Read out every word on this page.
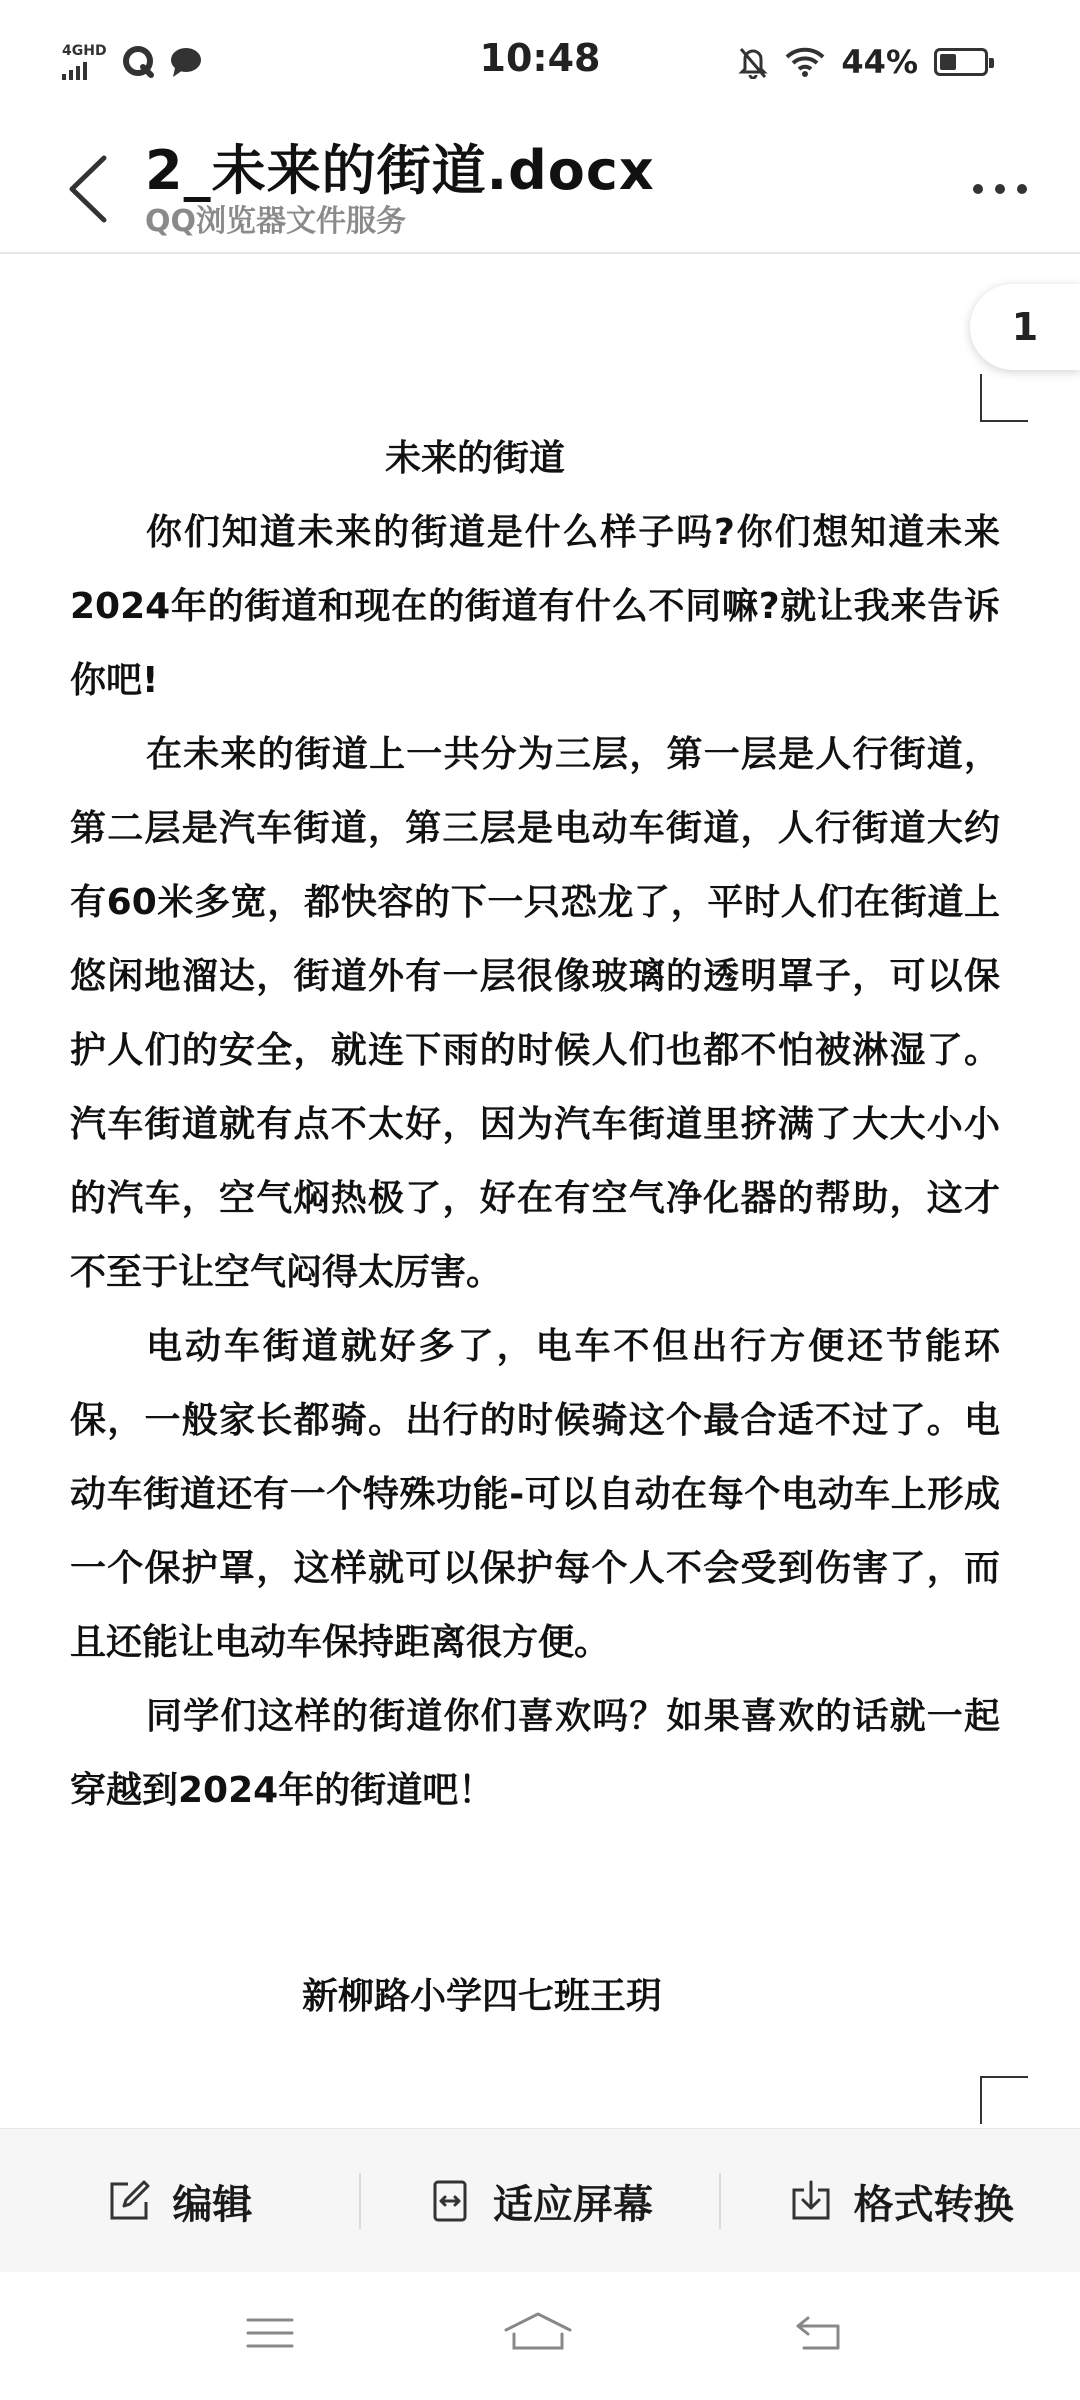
4GHD	10:48	44%
2_未来的街道.docx
QQ浏览器文件服务
1

未来的街道

你们知道未来的街道是什么样子吗?你们想知道未来2024年的街道和现在的街道有什么不同嘛?就让我来告诉你吧!

在未来的街道上一共分为三层，第一层是人行街道，第二层是汽车街道，第三层是电动车街道，人行街道大约有60米多宽，都快容的下一只恐龙了，平时人们在街道上悠闲地溜达，街道外有一层很像玻璃的透明罩子，可以保护人们的安全，就连下雨的时候人们也都不怕被淋湿了。汽车街道就有点不太好，因为汽车街道里挤满了大大小小的汽车，空气焖热极了，好在有空气净化器的帮助，这才不至于让空气闷得太厉害。

电动车街道就好多了，电车不但出行方便还节能环保，一般家长都骑。出行的时候骑这个最合适不过了。电动车街道还有一个特殊功能-可以自动在每个电动车上形成一个保护罩，这样就可以保护每个人不会受到伤害了，而且还能让电动车保持距离很方便。

同学们这样的街道你们喜欢吗？如果喜欢的话就一起穿越到2024年的街道吧！

新柳路小学四七班王玥

编辑	适应屏幕	格式转换
